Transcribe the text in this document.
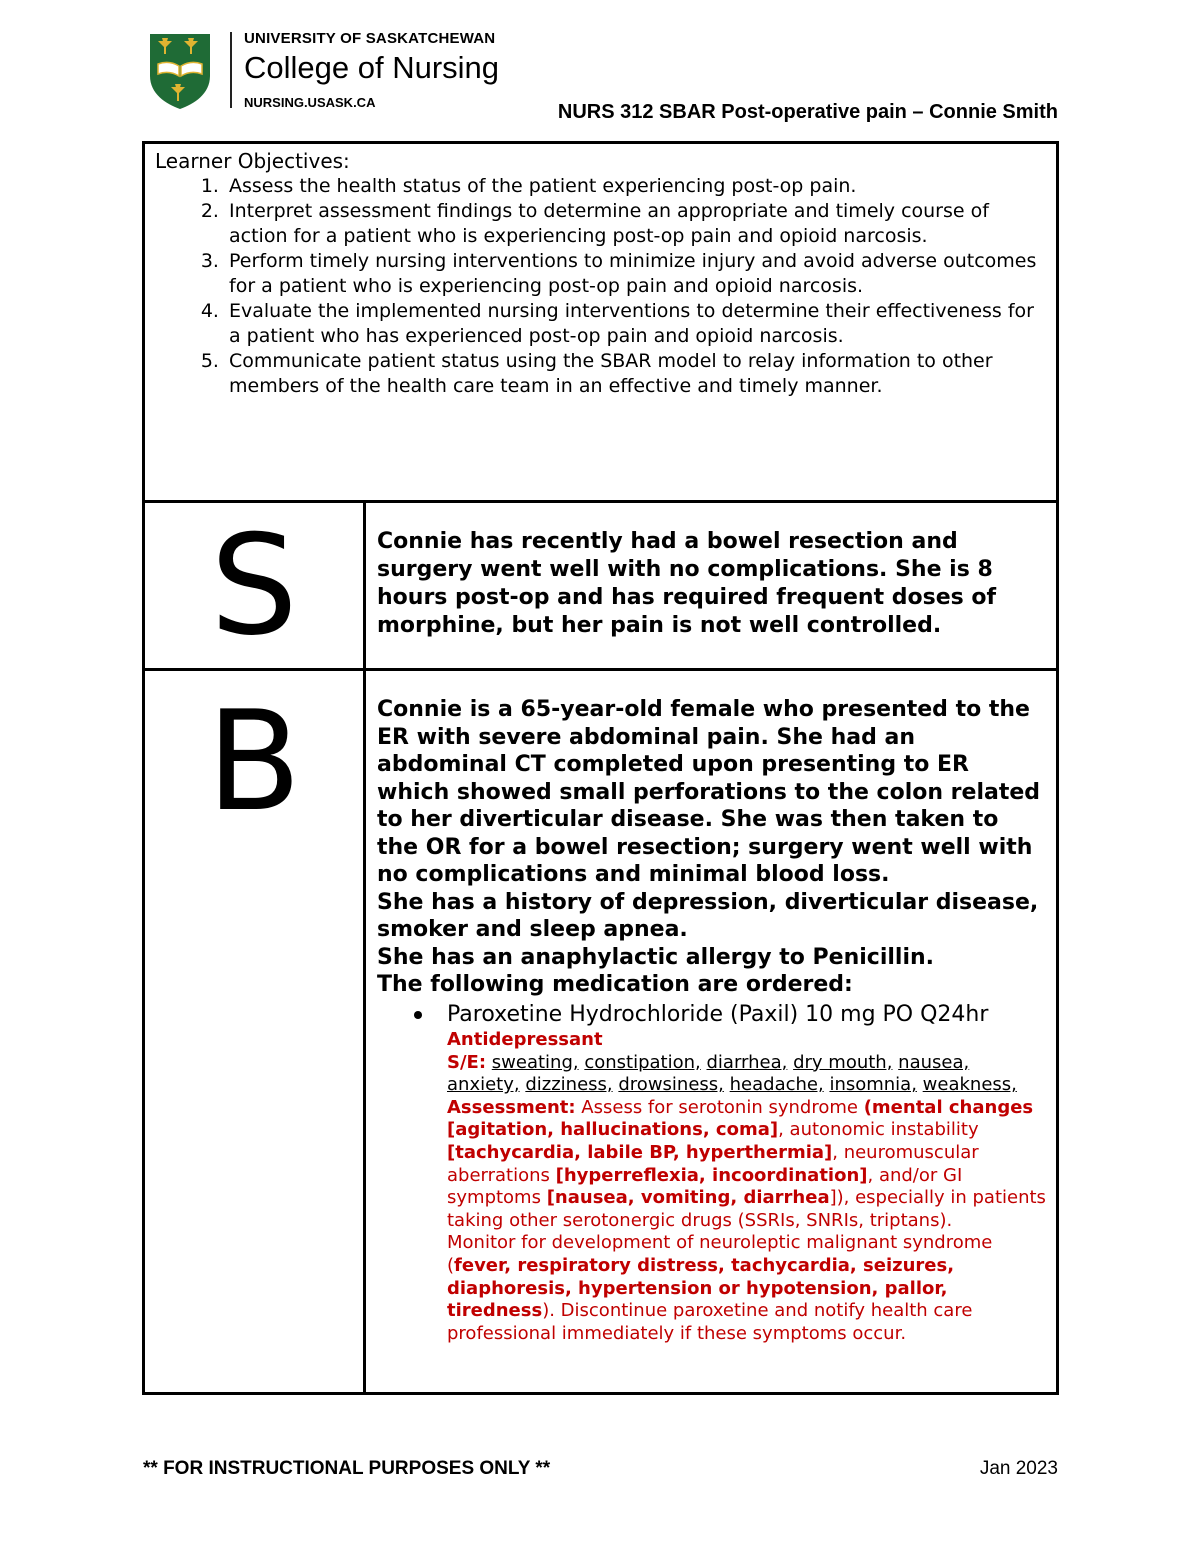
UNIVERSITY OF SASKATCHEWAN
College of Nursing
NURSING.USASK.CA	NURS 312 SBAR Post-operative pain – Connie Smith

Learner Objectives:

1. Assess the health status of the patient experiencing post-op pain.
2. Interpret assessment findings to determine an appropriate and timely course of action for a patient who is experiencing post-op pain and opioid narcosis.
3. Perform timely nursing interventions to minimize injury and avoid adverse outcomes for a patient who is experiencing post-op pain and opioid narcosis.
4. Evaluate the implemented nursing interventions to determine their effectiveness for a patient who has experienced post-op pain and opioid narcosis.
5. Communicate patient status using the SBAR model to relay information to other members of the health care team in an effective and timely manner.
S	Connie has recently had a bowel resection and surgery went well with no complications. She is 8 hours post-op and has required frequent doses of morphine, but her pain is not well controlled.
B	Connie is a 65-year-old female who presented to the ER with severe abdominal pain. She had an abdominal CT completed upon presenting to ER which showed small perforations to the colon related to her diverticular disease. She was then taken to the OR for a bowel resection; surgery went well with no complications and minimal blood loss.

She has a history of depression, diverticular disease, smoker and sleep apnea.

She has an anaphylactic allergy to Penicillin.

The following medication are ordered:

Paroxetine Hydrochloride (Paxil) 10 mg PO Q24hr
Antidepressant
S/E: sweating, constipation, diarrhea, dry mouth, nausea, anxiety, dizziness, drowsiness, headache, insomnia, weakness,
Assessment: Assess for serotonin syndrome (mental changes [agitation, hallucinations, coma], autonomic instability [tachycardia, labile BP, hyperthermia], neuromuscular aberrations [hyperreflexia, incoordination], and/or GI symptoms [nausea, vomiting, diarrhea]), especially in patients taking other serotonergic drugs (SSRIs, SNRIs, triptans).
Monitor for development of neuroleptic malignant syndrome (fever, respiratory distress, tachycardia, seizures, diaphoresis, hypertension or hypotension, pallor, tiredness). Discontinue paroxetine and notify health care professional immediately if these symptoms occur.
** FOR INSTRUCTIONAL PURPOSES ONLY **	Jan 2023
